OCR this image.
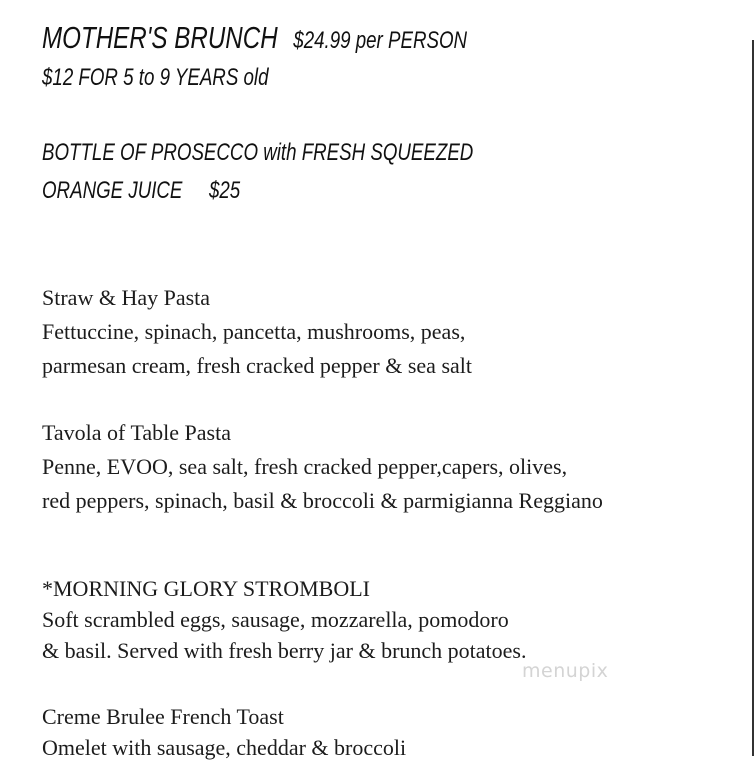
MOTHER'S BRUNCH $24.99 per PERSON
$12 FOR 5 to 9 YEARS old
BOTTLE OF PROSECCO with FRESH SQUEEZED
ORANGE JUICE $25
Straw & Hay Pasta
Fettuccine, spinach, pancetta, mushrooms, peas,
parmesan cream, fresh cracked pepper & sea salt
Tavola of Table Pasta
Penne, EVOO, sea salt, fresh cracked pepper,capers, olives,
red peppers, spinach, basil & broccoli & parmigianna Reggiano
*MORNING GLORY STROMBOLI
Soft scrambled eggs, sausage, mozzarella, pomodoro
& basil. Served with fresh berry jar & brunch potatoes.
Creme Brulee French Toast
Omelet with sausage, cheddar & broccoli
menupix
